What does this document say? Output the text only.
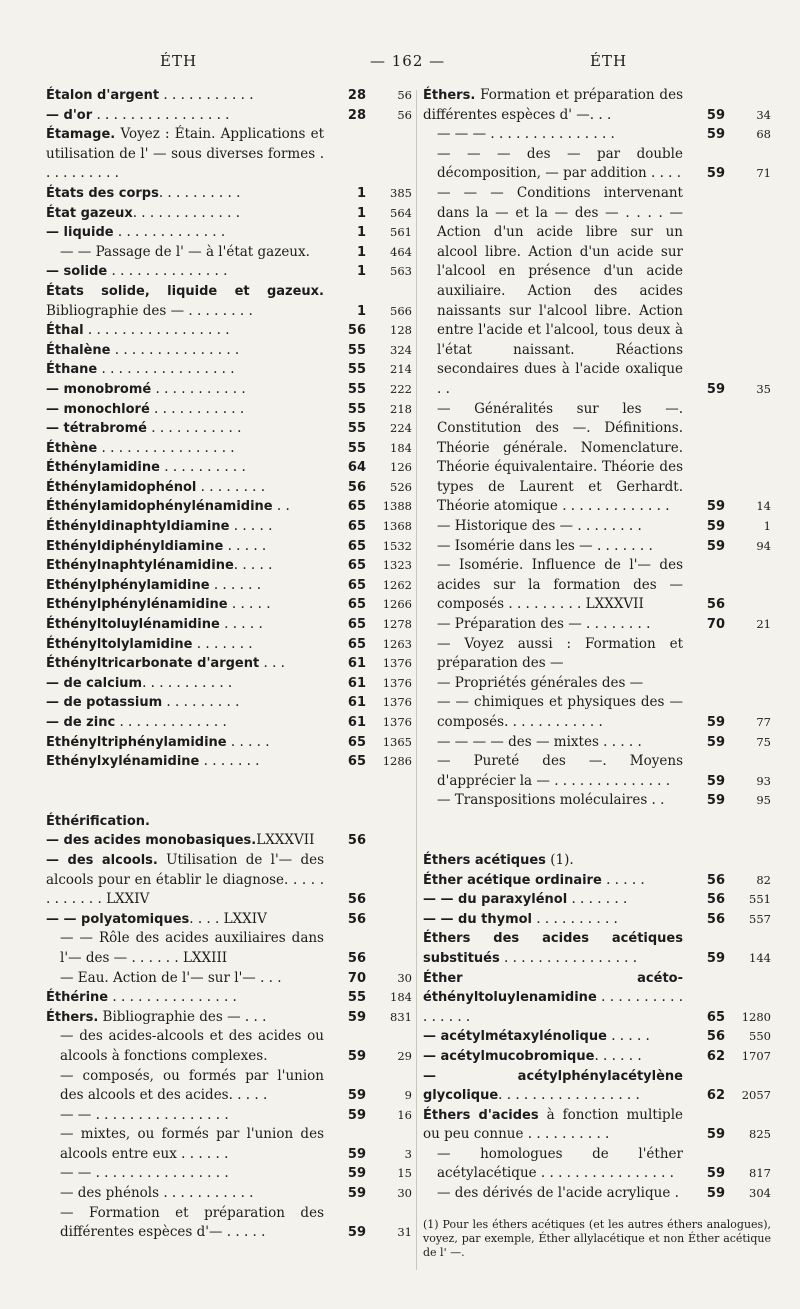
ÉTH	— 162 —	ÉTH
Étalon d'argent . . . . . . . . . . .	28	56
— d'or . . . . . . . . . . . . . . . .	28	56
Étamage. Voyez : Étain. Applications et utilisation de l' — sous diverses formes . . . . . . . . . .
États des corps. . . . . . . . . .	1	385
État gazeux. . . . . . . . . . . . .	1	564
— liquide . . . . . . . . . . . . .	1	561
— — Passage de l' — à l'état gazeux.	1	464
— solide . . . . . . . . . . . . . .	1	563
États solide, liquide et gazeux. Bibliographie des — . . . . . . . .	1	566
Éthal . . . . . . . . . . . . . . . . .	56	128
Éthalène . . . . . . . . . . . . . . .	55	324
Éthane . . . . . . . . . . . . . . . .	55	214
— monobromé . . . . . . . . . . .	55	222
— monochloré . . . . . . . . . . .	55	218
— tétrabromé . . . . . . . . . . .	55	224
Éthène . . . . . . . . . . . . . . . .	55	184
Éthénylamidine . . . . . . . . . .	64	126
Éthénylamidophénol . . . . . . . .	56	526
Éthénylamidophénylénamidine . .	65	1388
Éthényldinaphtyldiamine . . . . .	65	1368
Ethényldiphényldiamine . . . . .	65	1532
Ethénylnaphtylénamidine. . . . .	65	1323
Ethénylphénylamidine . . . . . .	65	1262
Ethénylphénylénamidine . . . . .	65	1266
Éthényltoluylénamidine . . . . .	65	1278
Éthényltolylamidine . . . . . . .	65	1263
Éthényltricarbonate d'argent . . .	61	1376
— de calcium. . . . . . . . . . .	61	1376
— de potassium . . . . . . . . .	61	1376
— de zinc . . . . . . . . . . . . .	61	1376
Ethényltriphénylamidine . . . . .	65	1365
Ethénylxylénamidine . . . . . . .	65	1286
Éthérification.
— des acides monobasiques.LXXXVII	56
— des alcools. Utilisation de l'— des alcools pour en établir le diagnose. . . . . . . . . . . . LXXIV	56
— — polyatomiques. . . . LXXIV	56
— — Rôle des acides auxiliaires dans l'— des — . . . . . . LXXIII	56
— Eau. Action de l'— sur l'— . . .	70	30
Éthérine . . . . . . . . . . . . . . .	55	184
Éthers. Bibliographie des — . . .	59	831
— des acides-alcools et des acides ou alcools à fonctions complexes.	59	29
— composés, ou formés par l'union des alcools et des acides. . . . .	59	9
— — . . . . . . . . . . . . . . . .	59	16
— mixtes, ou formés par l'union des alcools entre eux . . . . . .	59	3
— — . . . . . . . . . . . . . . . .	59	15
— des phénols . . . . . . . . . . .	59	30
— Formation et préparation des différentes espèces d'— . . . . .	59	31
Éthers. Formation et préparation des différentes espèces d' —. . .	59	34
— — — . . . . . . . . . . . . . . .	59	68
— — — des — par double décomposition, — par addition . . . .	59	71
— — — Conditions intervenant dans la — et la — des — . . . . — Action d'un acide libre sur un alcool libre. Action d'un acide sur l'alcool en présence d'un acide auxiliaire. Action des acides naissants sur l'alcool libre. Action entre l'acide et l'alcool, tous deux à l'état naissant. Réactions secondaires dues à l'acide oxalique . .	59	35
— Généralités sur les —. Constitution des —. Définitions. Théorie générale. Nomenclature. Théorie équivalentaire. Théorie des types de Laurent et Gerhardt. Théorie atomique . . . . . . . . . . . . .	59	14
— Historique des — . . . . . . . .	59	1
— Isomérie dans les — . . . . . . .	59	94
— Isomérie. Influence de l'— des acides sur la formation des — composés . . . . . . . . . LXXXVII	56
— Préparation des — . . . . . . . .	70	21
— Voyez aussi : Formation et préparation des —
— Propriétés générales des —
— — chimiques et physiques des — composés. . . . . . . . . . . .	59	77
— — — — des — mixtes . . . . .	59	75
— Pureté des —. Moyens d'apprécier la — . . . . . . . . . . . . . .	59	93
— Transpositions moléculaires . .	59	95
Éthers acétiques (1).
Éther acétique ordinaire . . . . .	56	82
— — du paraxylénol . . . . . . .	56	551
— — du thymol . . . . . . . . . .	56	557
Éthers des acides acétiques substitués . . . . . . . . . . . . . . . .	59	144
Éther acéto-éthényltoluylenamidine . . . . . . . . . . . . . . . .	65	1280
— acétylmétaxylénolique . . . . .	56	550
— acétylmucobromique. . . . . .	62	1707
— acétylphénylacétylène glycolique. . . . . . . . . . . . . . . . .	62	2057
Éthers d'acides à fonction multiple ou peu connue . . . . . . . . . .	59	825
— homologues de l'éther acétylacétique . . . . . . . . . . . . . . . .	59	817
— des dérivés de l'acide acrylique .	59	304
(1) Pour les éthers acétiques (et les autres éthers analogues), voyez, par exemple, Éther allylacétique et non Éther acétique de l' —.
